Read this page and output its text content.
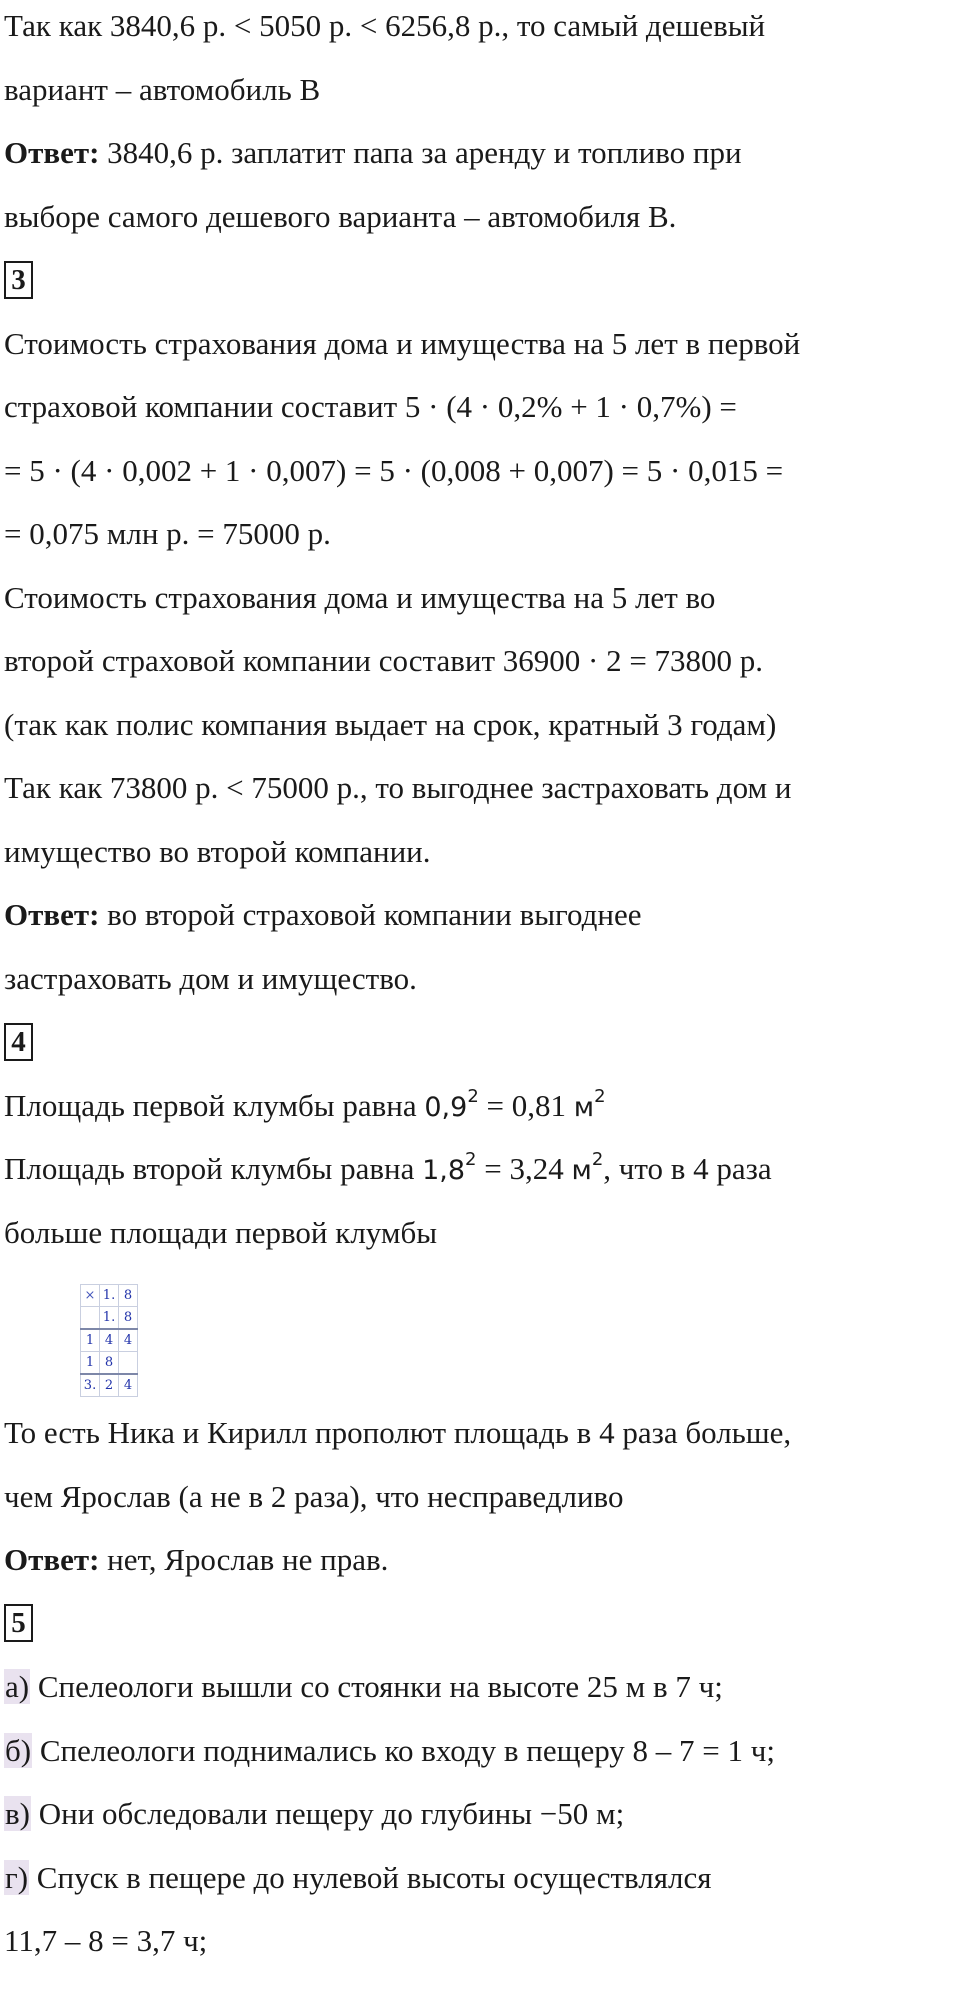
Так как 3840,6 р. < 5050 р. < 6256,8 р., то самый дешевый
вариант – автомобиль B
Ответ: 3840,6 р. заплатит папа за аренду и топливо при
выборе самого дешевого варианта – автомобиля B.
3
Стоимость страхования дома и имущества на 5 лет в первой
страховой компании составит 5 · (4 · 0,2% + 1 · 0,7%) =
= 5 · (4 · 0,002 + 1 · 0,007) = 5 · (0,008 + 0,007) = 5 · 0,015 =
= 0,075 млн р. = 75000 р.
Стоимость страхования дома и имущества на 5 лет во
второй страховой компании составит 36900 · 2 = 73800 р.
(так как полис компания выдает на срок, кратный 3 годам)
Так как 73800 р. < 75000 р., то выгоднее застраховать дом и
имущество во второй компании.
Ответ: во второй страховой компании выгоднее
застраховать дом и имущество.
4
Площадь первой клумбы равна $0,9^2 = 0,81$ $м^2$
Площадь второй клумбы равна $1,8^2 = 3,24$ $м^2$, что в 4 раза
больше площади первой клумбы
×	1.	8
	1.	8
1	4	4
1	8	
3.	2	4
То есть Ника и Кирилл прополют площадь в 4 раза больше,
чем Ярослав (а не в 2 раза), что несправедливо
Ответ: нет, Ярослав не прав.
5
а) Спелеологи вышли со стоянки на высоте 25 м в 7 ч;
б) Спелеологи поднимались ко входу в пещеру 8 – 7 = 1 ч;
в) Они обследовали пещеру до глубины −50 м;
г) Спуск в пещере до нулевой высоты осуществлялся
11,7 – 8 = 3,7 ч;
